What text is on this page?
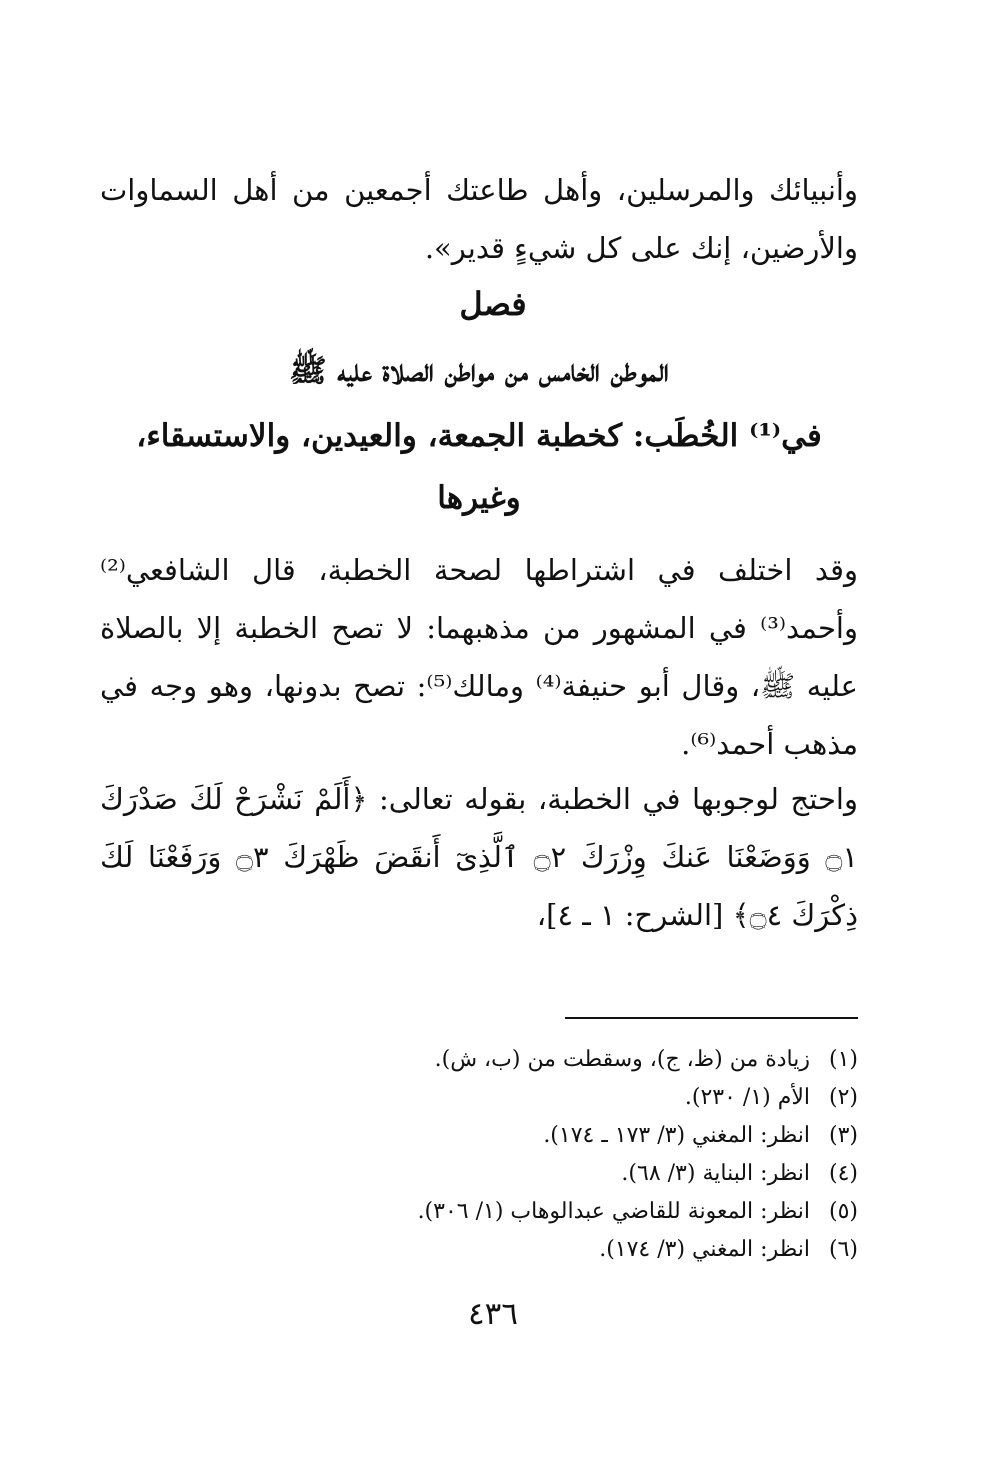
وأنبيائك والمرسلين، وأهل طاعتك أجمعين من أهل السماوات والأرضين، إنك على كل شيءٍ قدير».
فصل
الموطن الخامس من مواطن الصلاة عليه ﷺ
في⁽¹⁾ الخُطَب: كخطبة الجمعة، والعيدين، والاستسقاء، وغيرها
وقد اختلف في اشتراطها لصحة الخطبة، قال الشافعي⁽²⁾ وأحمد⁽³⁾ في المشهور من مذهبهما: لا تصح الخطبة إلا بالصلاة عليه ﷺ، وقال أبو حنيفة⁽⁴⁾ ومالك⁽⁵⁾: تصح بدونها، وهو وجه في مذهب أحمد⁽⁶⁾.
واحتج لوجوبها في الخطبة، بقوله تعالى: ﴿أَلَمْ نَشْرَحْ لَكَ صَدْرَكَ ۝١ وَوَضَعْنَا عَنكَ وِزْرَكَ ۝٢ ٱلَّذِىٓ أَنقَضَ ظَهْرَكَ ۝٣ وَرَفَعْنَا لَكَ ذِكْرَكَ ۝٤﴾ [الشرح: ١ ـ ٤]،
(١)
زيادة من (ظ، ج)، وسقطت من (ب، ش).
(٢)
الأم (١/ ٢٣٠).
(٣)
انظر: المغني (٣/ ١٧٣ ـ ١٧٤).
(٤)
انظر: البناية (٣/ ٦٨).
(٥)
انظر: المعونة للقاضي عبدالوهاب (١/ ٣٠٦).
(٦)
انظر: المغني (٣/ ١٧٤).
٤٣٦
